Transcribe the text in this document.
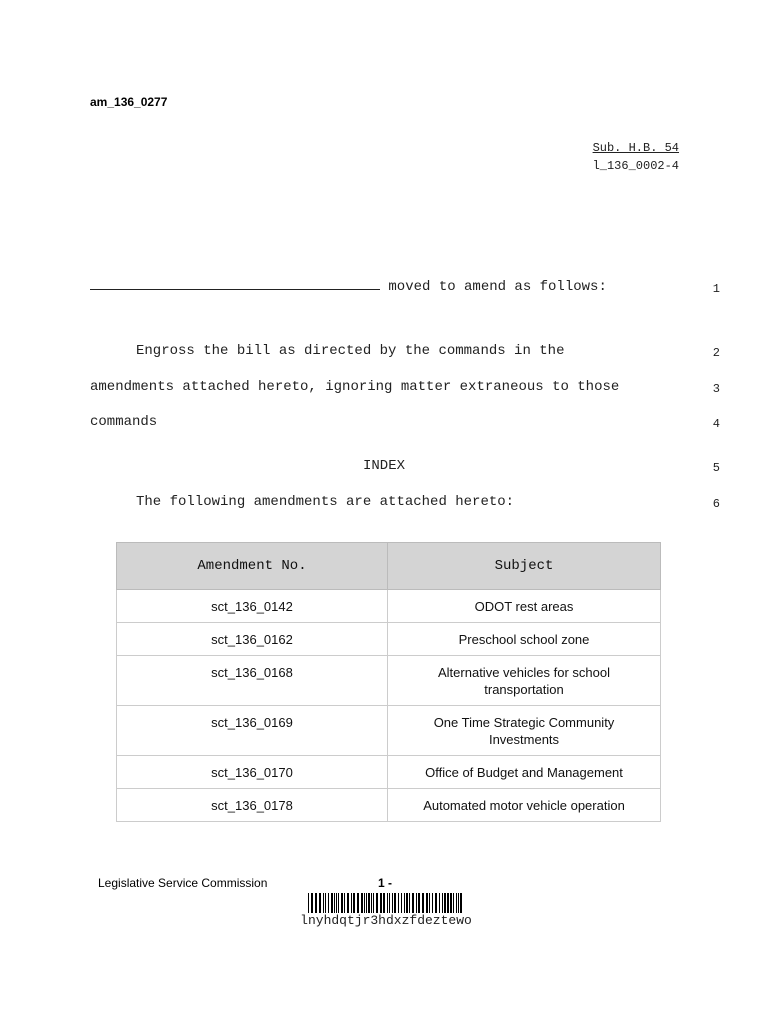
am_136_0277
Sub. H.B. 54
l_136_0002-4
moved to amend as follows:	1
Engross the bill as directed by the commands in the	2
amendments attached hereto, ignoring matter extraneous to those	3
commands	4
INDEX	5
The following amendments are attached hereto:	6
Amendment No.	Subject
sct_136_0142	ODOT rest areas
sct_136_0162	Preschool school zone
sct_136_0168	Alternative vehicles for school transportation
sct_136_0169	One Time Strategic Community Investments
sct_136_0170	Office of Budget and Management
sct_136_0178	Automated motor vehicle operation
Legislative Service Commission	1 -
lnyhdqtjr3hdxzfdeztewo
